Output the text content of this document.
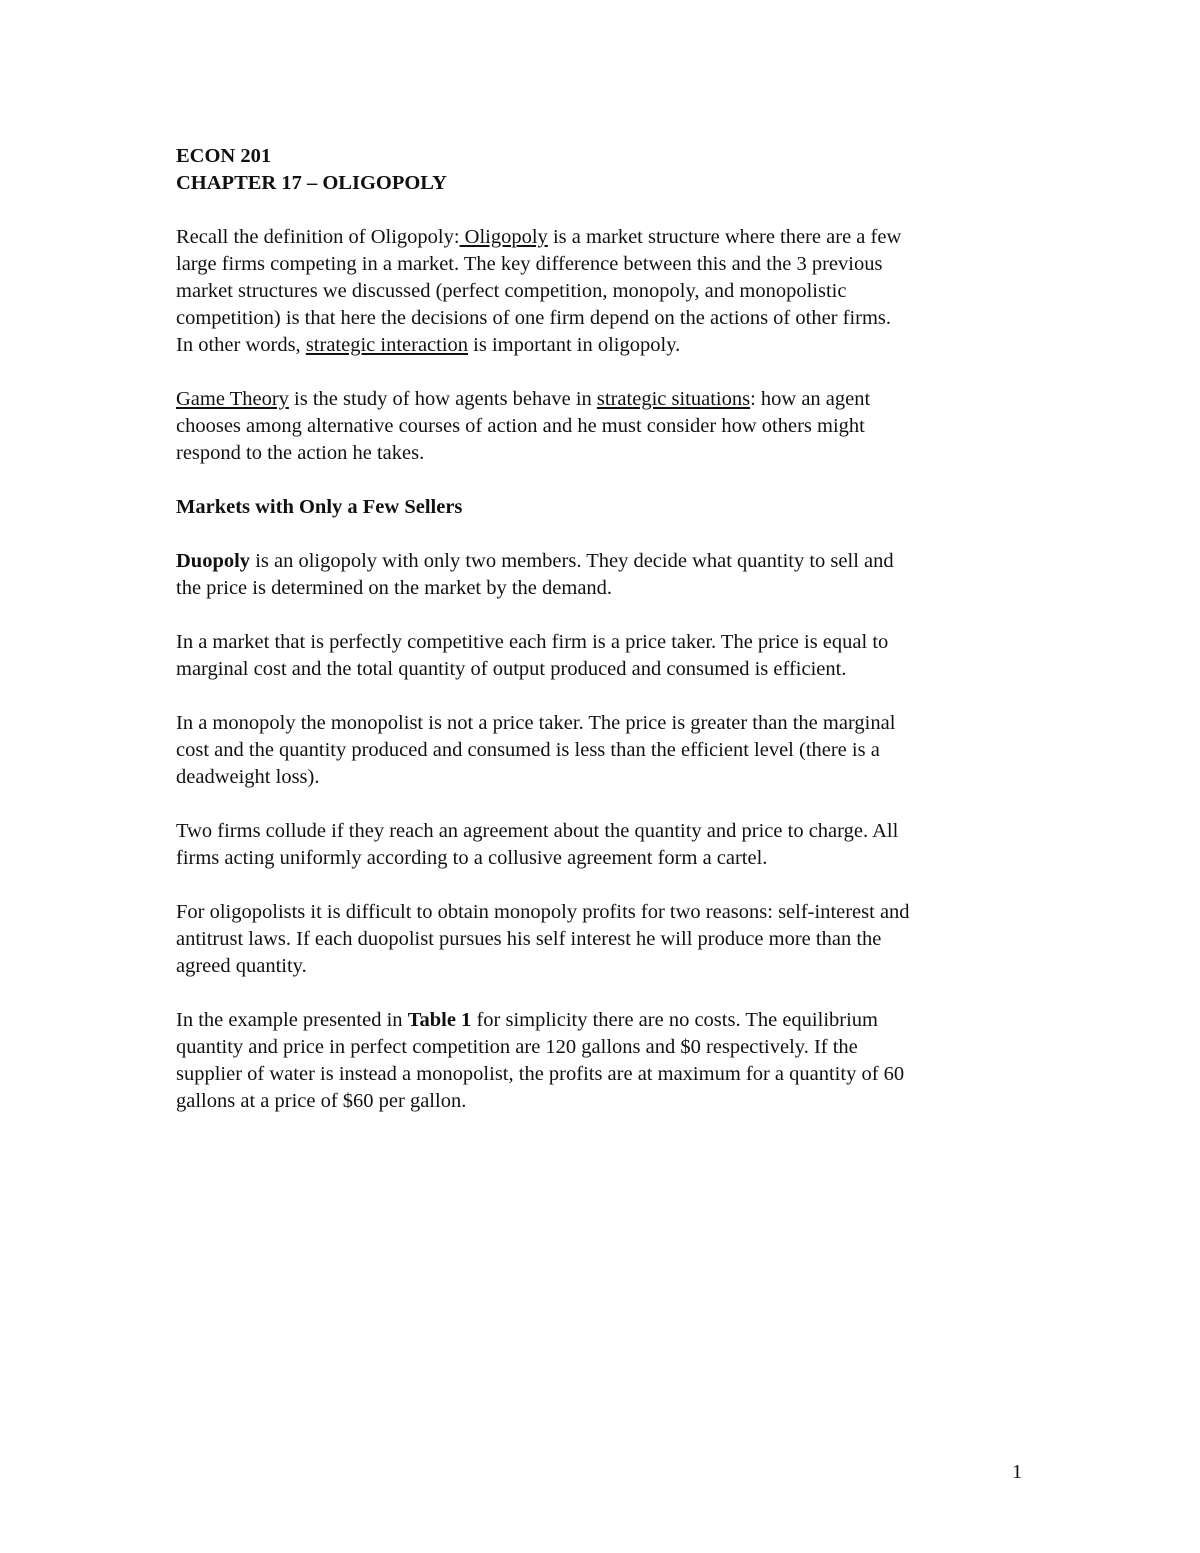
ECON 201
CHAPTER 17 – OLIGOPOLY

Recall the definition of Oligopoly: Oligopoly is a market structure where there are a few
large firms competing in a market. The key difference between this and the 3 previous
market structures we discussed (perfect competition, monopoly, and monopolistic
competition) is that here the decisions of one firm depend on the actions of other firms.
In other words, strategic interaction is important in oligopoly.

Game Theory is the study of how agents behave in strategic situations: how an agent
chooses among alternative courses of action and he must consider how others might
respond to the action he takes.

Markets with Only a Few Sellers

Duopoly is an oligopoly with only two members. They decide what quantity to sell and
the price is determined on the market by the demand.

In a market that is perfectly competitive each firm is a price taker. The price is equal to
marginal cost and the total quantity of output produced and consumed is efficient.

In a monopoly the monopolist is not a price taker. The price is greater than the marginal
cost and the quantity produced and consumed is less than the efficient level (there is a
deadweight loss).

Two firms collude if they reach an agreement about the quantity and price to charge. All
firms acting uniformly according to a collusive agreement form a cartel.

For oligopolists it is difficult to obtain monopoly profits for two reasons: self-interest and
antitrust laws. If each duopolist pursues his self interest he will produce more than the
agreed quantity.

In the example presented in Table 1 for simplicity there are no costs. The equilibrium
quantity and price in perfect competition are 120 gallons and $0 respectively. If the
supplier of water is instead a monopolist, the profits are at maximum for a quantity of 60
gallons at a price of $60 per gallon.

1
